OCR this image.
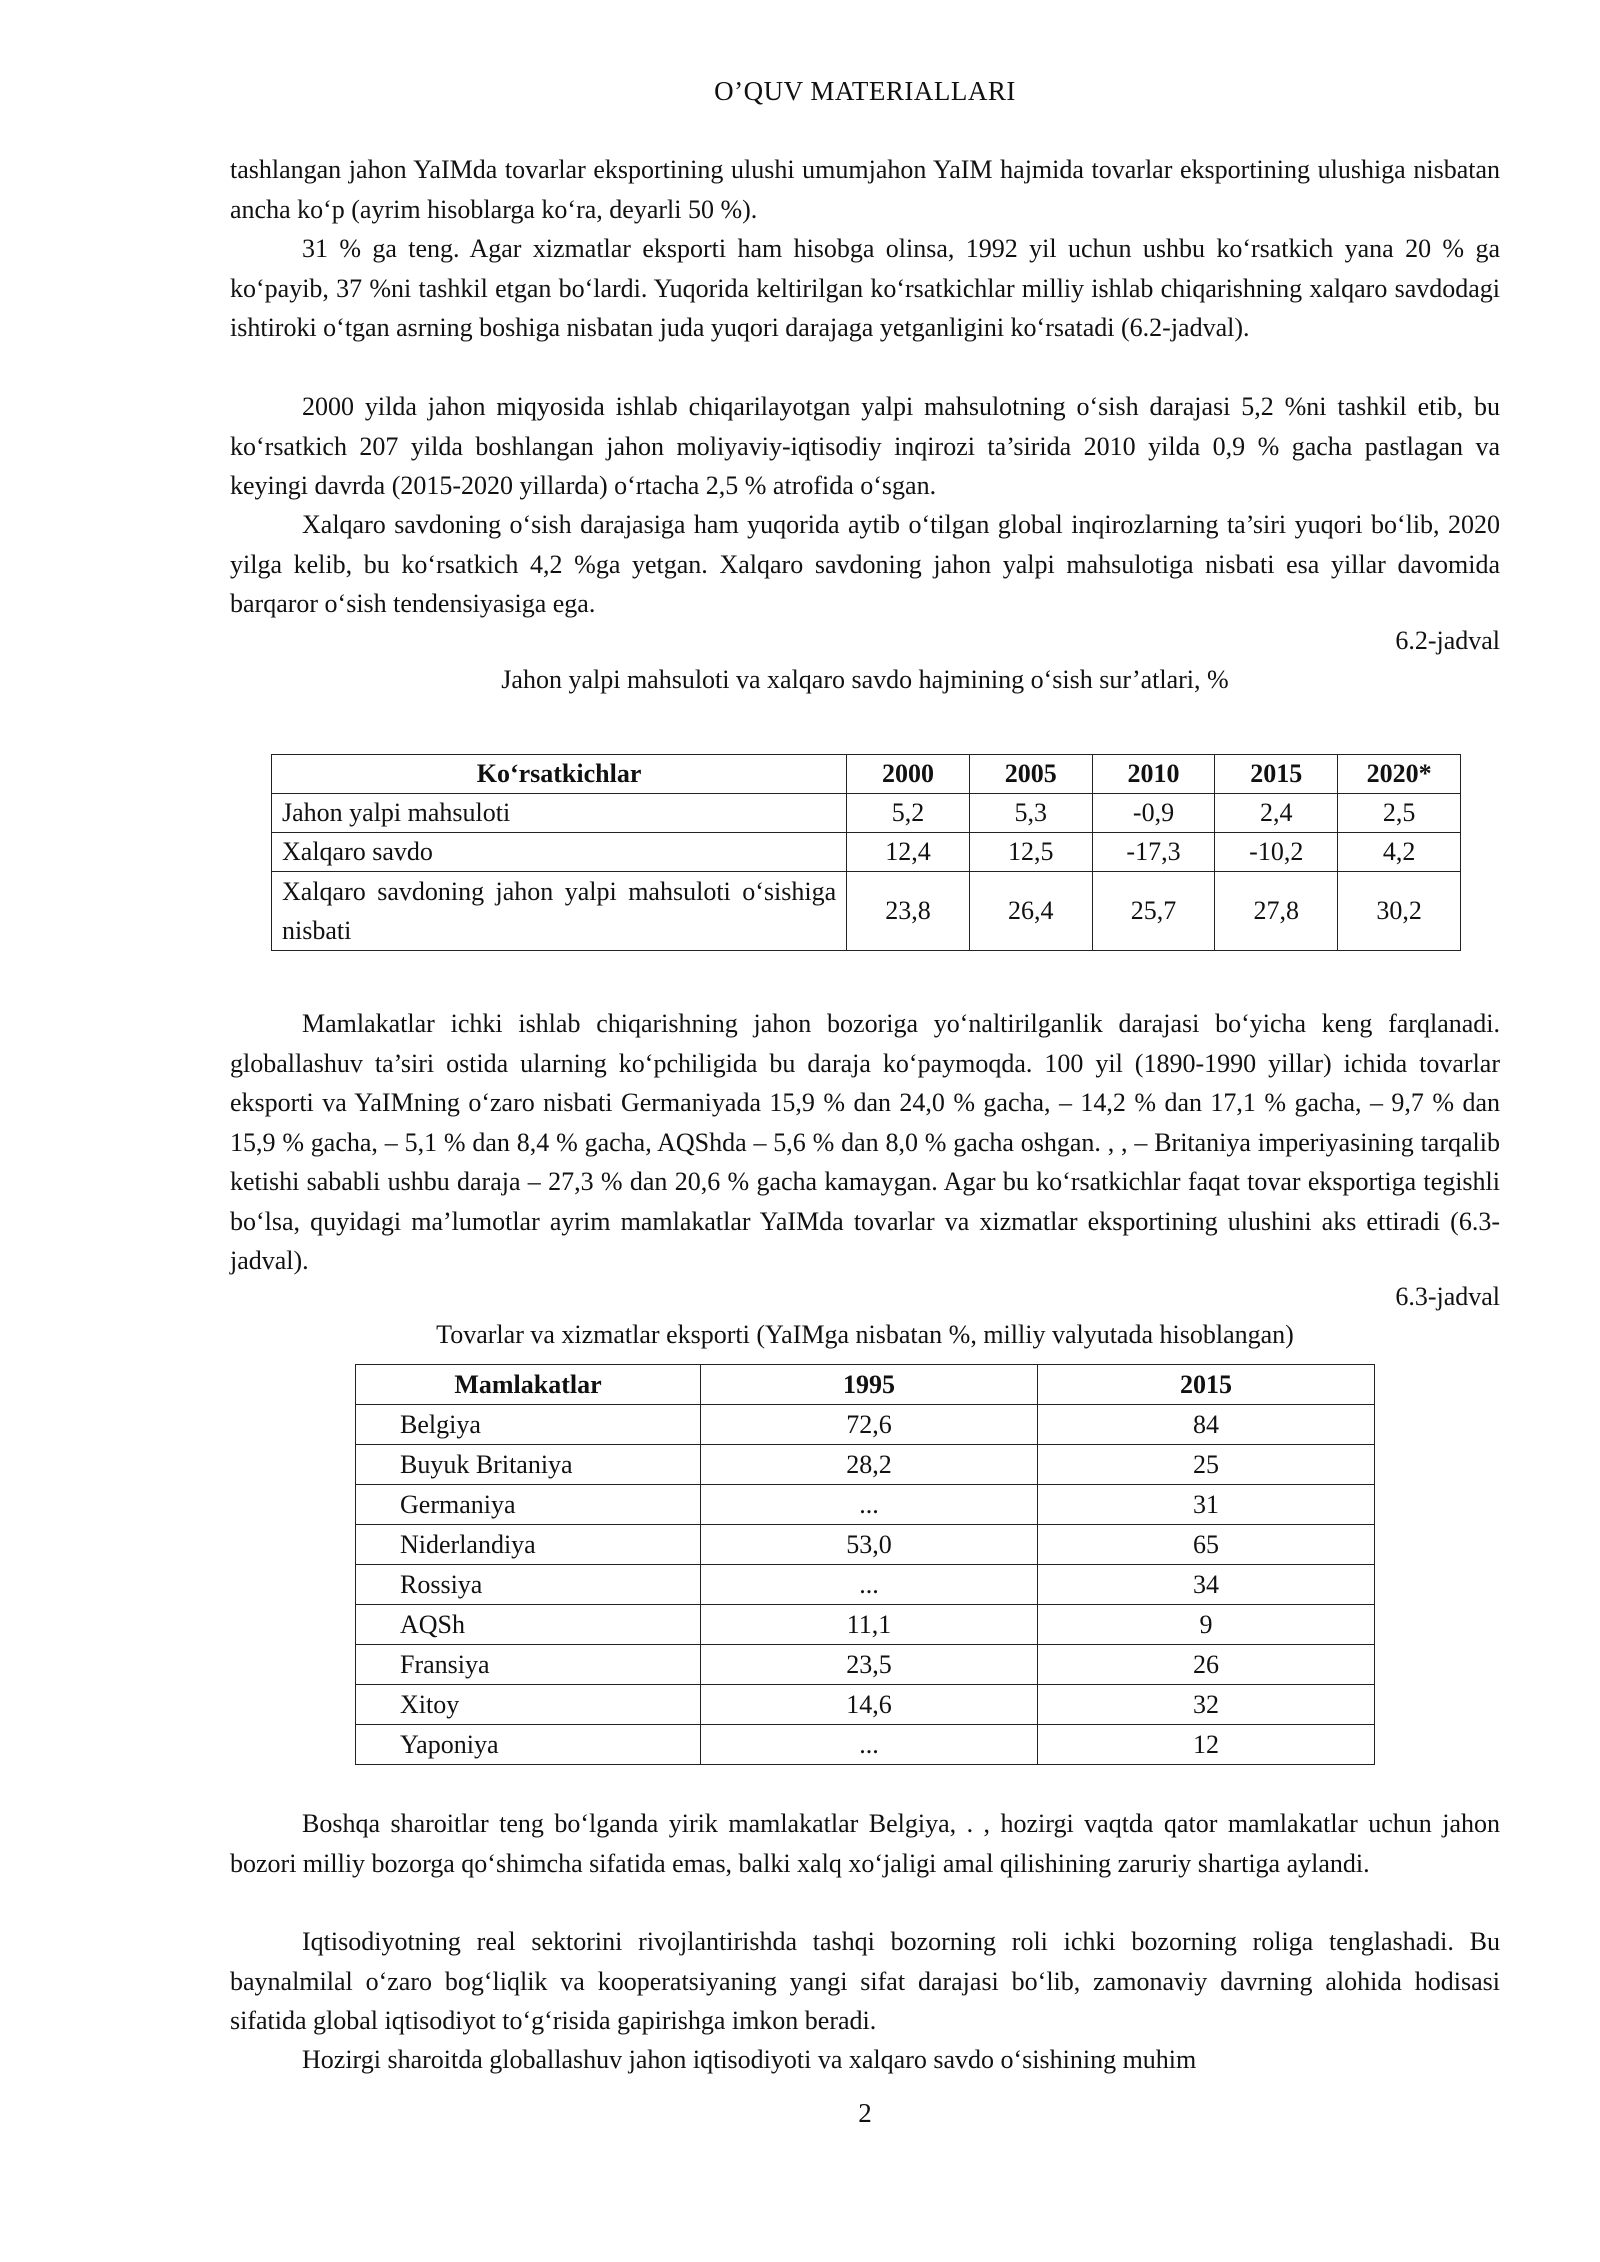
O’QUV MATERIALLARI

tashlangan jahon YaIMda tovarlar eksportining ulushi umumjahon YaIM hajmida tovarlar eksportining ulushiga nisbatan ancha koʻp (ayrim hisoblarga koʻra, deyarli 50 %).

31 % ga teng. Agar xizmatlar eksporti ham hisobga olinsa, 1992 yil uchun ushbu koʻrsatkich yana 20 % ga koʻpayib, 37 %ni tashkil etgan boʻlardi. Yuqorida keltirilgan koʻrsatkichlar milliy ishlab chiqarishning xalqaro savdodagi ishtiroki oʻtgan asrning boshiga nisbatan juda yuqori darajaga yetganligini koʻrsatadi (6.2-jadval).

2000 yilda jahon miqyosida ishlab chiqarilayotgan yalpi mahsulotning oʻsish darajasi 5,2 %ni tashkil etib, bu koʻrsatkich 207 yilda boshlangan jahon moliyaviy-iqtisodiy inqirozi ta’sirida 2010 yilda 0,9 % gacha pastlagan va keyingi davrda (2015-2020 yillarda) oʻrtacha 2,5 % atrofida oʻsgan.

Xalqaro savdoning oʻsish darajasiga ham yuqorida aytib oʻtilgan global inqirozlarning ta’siri yuqori boʻlib, 2020 yilga kelib, bu koʻrsatkich 4,2 %ga yetgan. Xalqaro savdoning jahon yalpi mahsulotiga nisbati esa yillar davomida barqaror oʻsish tendensiyasiga ega.

6.2-jadval
Jahon yalpi mahsuloti va xalqaro savdo hajmining oʻsish sur’atlari, %
Koʻrsatkichlar	2000	2005	2010	2015	2020*
Jahon yalpi mahsuloti	5,2	5,3	-0,9	2,4	2,5
Xalqaro savdo	12,4	12,5	-17,3	-10,2	4,2
Xalqaro savdoning jahon yalpi mahsuloti oʻsishiga nisbati	23,8	26,4	25,7	27,8	30,2

Mamlakatlar ichki ishlab chiqarishning jahon bozoriga yoʻnaltirilganlik darajasi boʻyicha keng farqlanadi. globallashuv ta’siri ostida ularning koʻpchiligida bu daraja koʻpaymoqda. 100 yil (1890-1990 yillar) ichida tovarlar eksporti va YaIMning oʻzaro nisbati Germaniyada 15,9 % dan 24,0 % gacha, – 14,2 % dan 17,1 % gacha, – 9,7 % dan 15,9 % gacha, – 5,1 % dan 8,4 % gacha, AQShda – 5,6 % dan 8,0 % gacha oshgan. , , – Britaniya imperiyasining tarqalib ketishi sababli ushbu daraja – 27,3 % dan 20,6 % gacha kamaygan. Agar bu koʻrsatkichlar faqat tovar eksportiga tegishli boʻlsa, quyidagi ma’lumotlar ayrim mamlakatlar YaIMda tovarlar va xizmatlar eksportining ulushini aks ettiradi (6.3-jadval).

6.3-jadval
Tovarlar va xizmatlar eksporti (YaIMga nisbatan %, milliy valyutada hisoblangan)
Mamlakatlar	1995	2015
Belgiya	72,6	84
Buyuk Britaniya	28,2	25
Germaniya	...	31
Niderlandiya	53,0	65
Rossiya	...	34
AQSh	11,1	9
Fransiya	23,5	26
Xitoy	14,6	32
Yaponiya	...	12

Boshqa sharoitlar teng boʻlganda yirik mamlakatlar Belgiya, . , hozirgi vaqtda qator mamlakatlar uchun jahon bozori milliy bozorga qoʻshimcha sifatida emas, balki xalq xoʻjaligi amal qilishining zaruriy shartiga aylandi.

Iqtisodiyotning real sektorini rivojlantirishda tashqi bozorning roli ichki bozorning roliga tenglashadi. Bu baynalmilal oʻzaro bogʻliqlik va kooperatsiyaning yangi sifat darajasi boʻlib, zamonaviy davrning alohida hodisasi sifatida global iqtisodiyot toʻgʻrisida gapirishga imkon beradi.

Hozirgi sharoitda globallashuv jahon iqtisodiyoti va xalqaro savdo oʻsishining muhim

2
